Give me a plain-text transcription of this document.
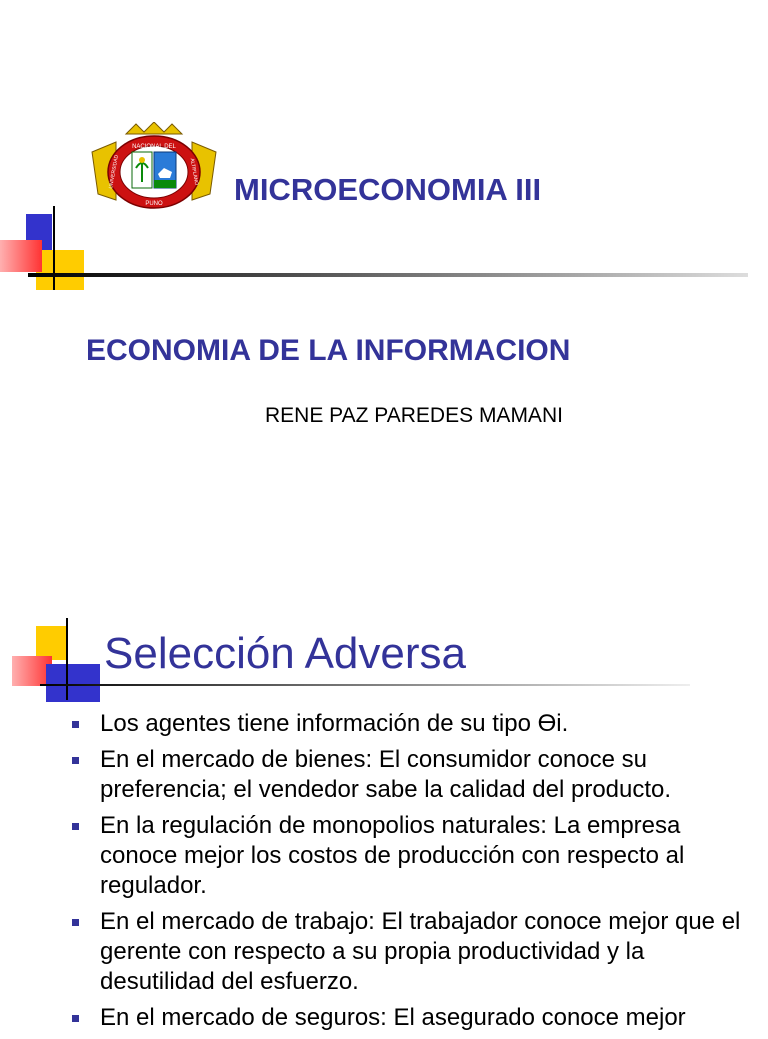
NACIONAL DEL
PUNO
UNIVERSIDAD	ALTIPLANO
MICROECONOMIA III
ECONOMIA DE LA INFORMACION
RENE PAZ PAREDES MAMANI
Selección Adversa
Los agentes tiene información de su tipo ϴi.
En el mercado de bienes: El consumidor conoce su preferencia; el vendedor sabe la calidad del producto.
En la regulación de monopolios naturales: La empresa conoce mejor los costos de producción con respecto al regulador.
En el mercado de trabajo: El trabajador conoce mejor que el gerente con respecto a su propia productividad y la desutilidad del esfuerzo.
En el mercado de seguros: El asegurado conoce mejor
